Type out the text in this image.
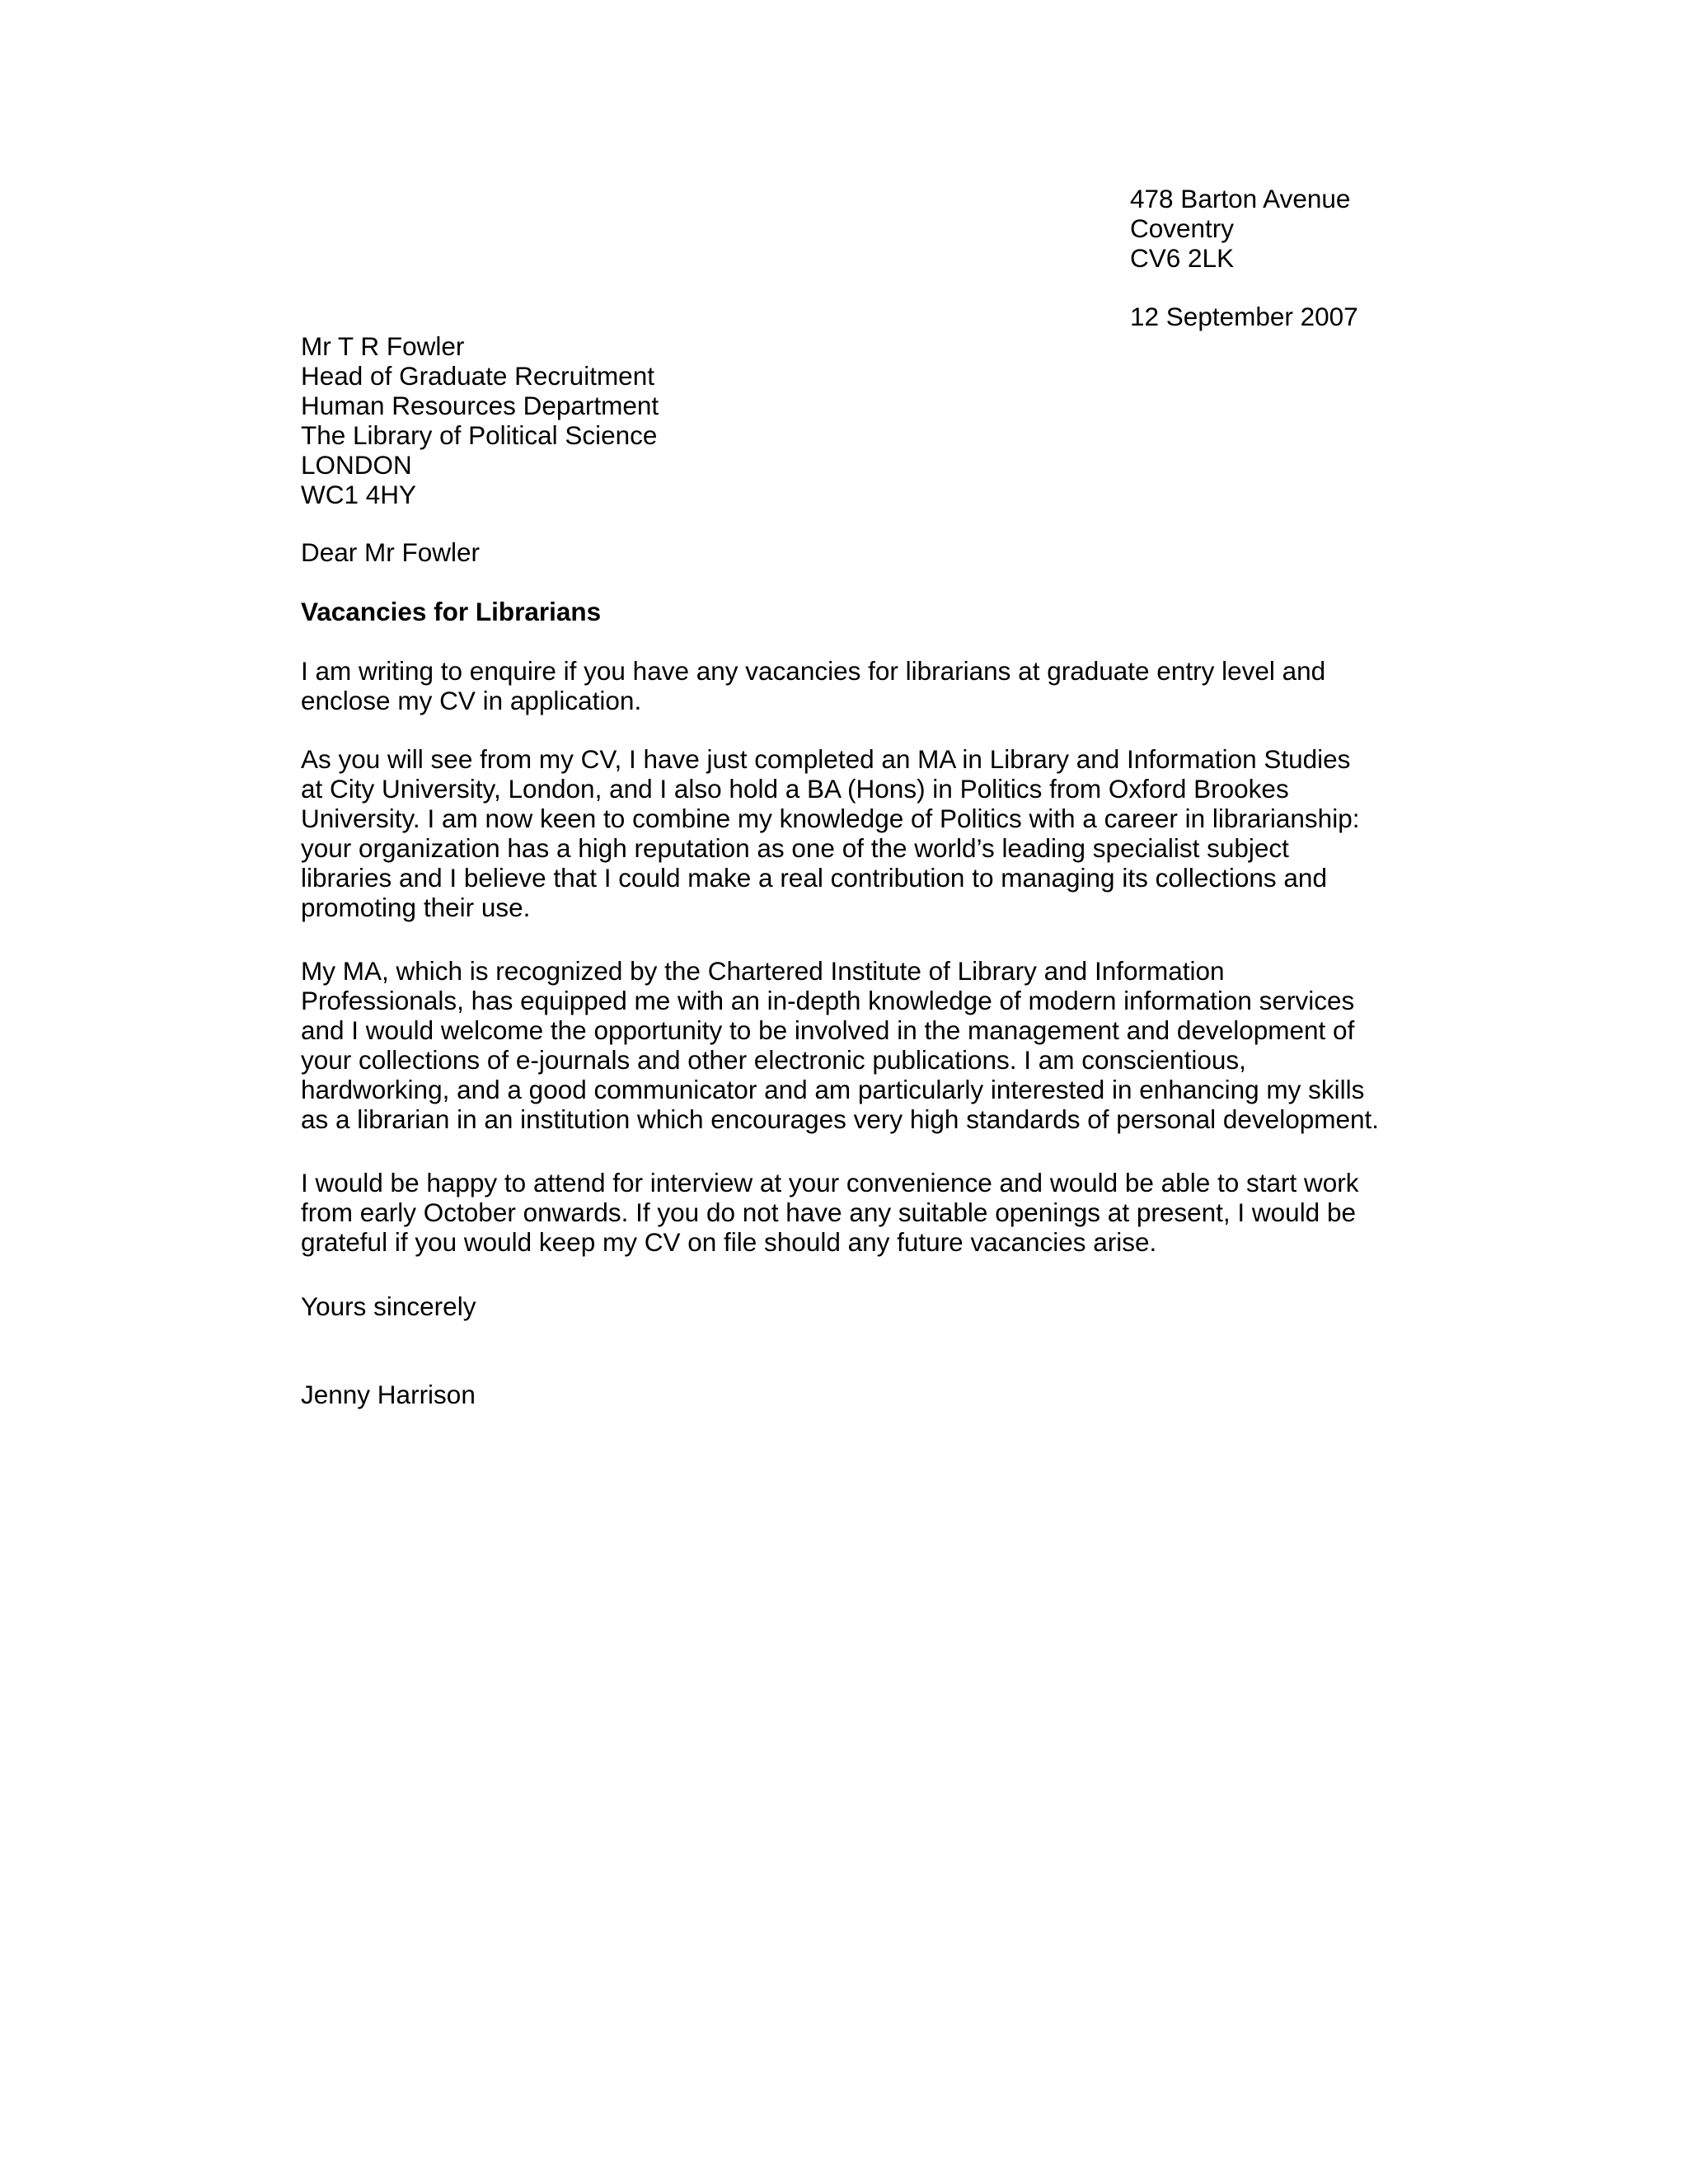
478 Barton Avenue
Coventry
CV6 2LK
12 September 2007
Mr T R Fowler
Head of Graduate Recruitment
Human Resources Department
The Library of Political Science
LONDON
WC1 4HY
Dear Mr Fowler
Vacancies for Librarians
I am writing to enquire if you have any vacancies for librarians at graduate entry level and
enclose my CV in application.
As you will see from my CV, I have just completed an MA in Library and Information Studies
at City University, London, and I also hold a BA (Hons) in Politics from Oxford Brookes
University. I am now keen to combine my knowledge of Politics with a career in librarianship:
your organization has a high reputation as one of the world’s leading specialist subject
libraries and I believe that I could make a real contribution to managing its collections and
promoting their use.
My MA, which is recognized by the Chartered Institute of Library and Information
Professionals, has equipped me with an in-depth knowledge of modern information services
and I would welcome the opportunity to be involved in the management and development of
your collections of e-journals and other electronic publications. I am conscientious,
hardworking, and a good communicator and am particularly interested in enhancing my skills
as a librarian in an institution which encourages very high standards of personal development.
I would be happy to attend for interview at your convenience and would be able to start work
from early October onwards. If you do not have any suitable openings at present, I would be
grateful if you would keep my CV on file should any future vacancies arise.
Yours sincerely
Jenny Harrison
